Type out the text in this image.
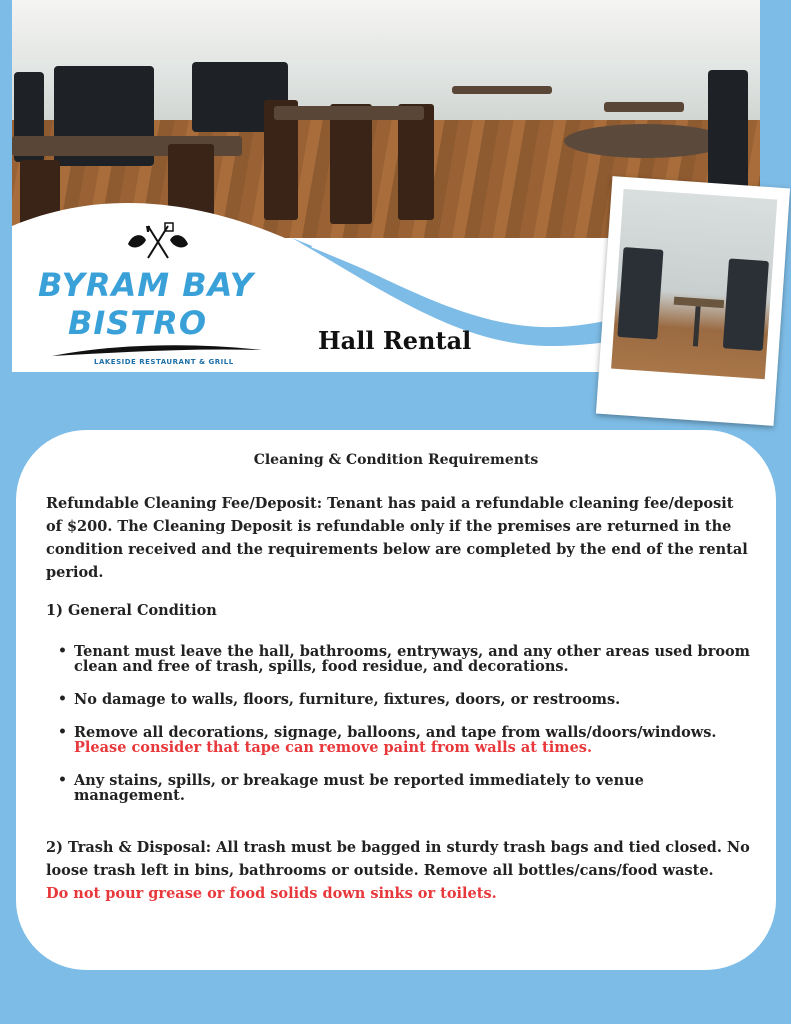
BYRAM BAY
BISTRO
LAKESIDE RESTAURANT & GRILL
Hall Rental
Cleaning & Condition Requirements

Refundable Cleaning Fee/Deposit: Tenant has paid a refundable cleaning fee/deposit of $200. The Cleaning Deposit is refundable only if the premises are returned in the condition received and the requirements below are completed by the end of the rental period.

1) General Condition
• Tenant must leave the hall, bathrooms, entryways, and any other areas used broom clean and free of trash, spills, food residue, and decorations.
• No damage to walls, floors, furniture, fixtures, doors, or restrooms.
• Remove all decorations, signage, balloons, and tape from walls/doors/windows.
Please consider that tape can remove paint from walls at times.
• Any stains, spills, or breakage must be reported immediately to venue management.

2) Trash & Disposal: All trash must be bagged in sturdy trash bags and tied closed. No loose trash left in bins, bathrooms or outside. Remove all bottles/cans/food waste.
Do not pour grease or food solids down sinks or toilets.
